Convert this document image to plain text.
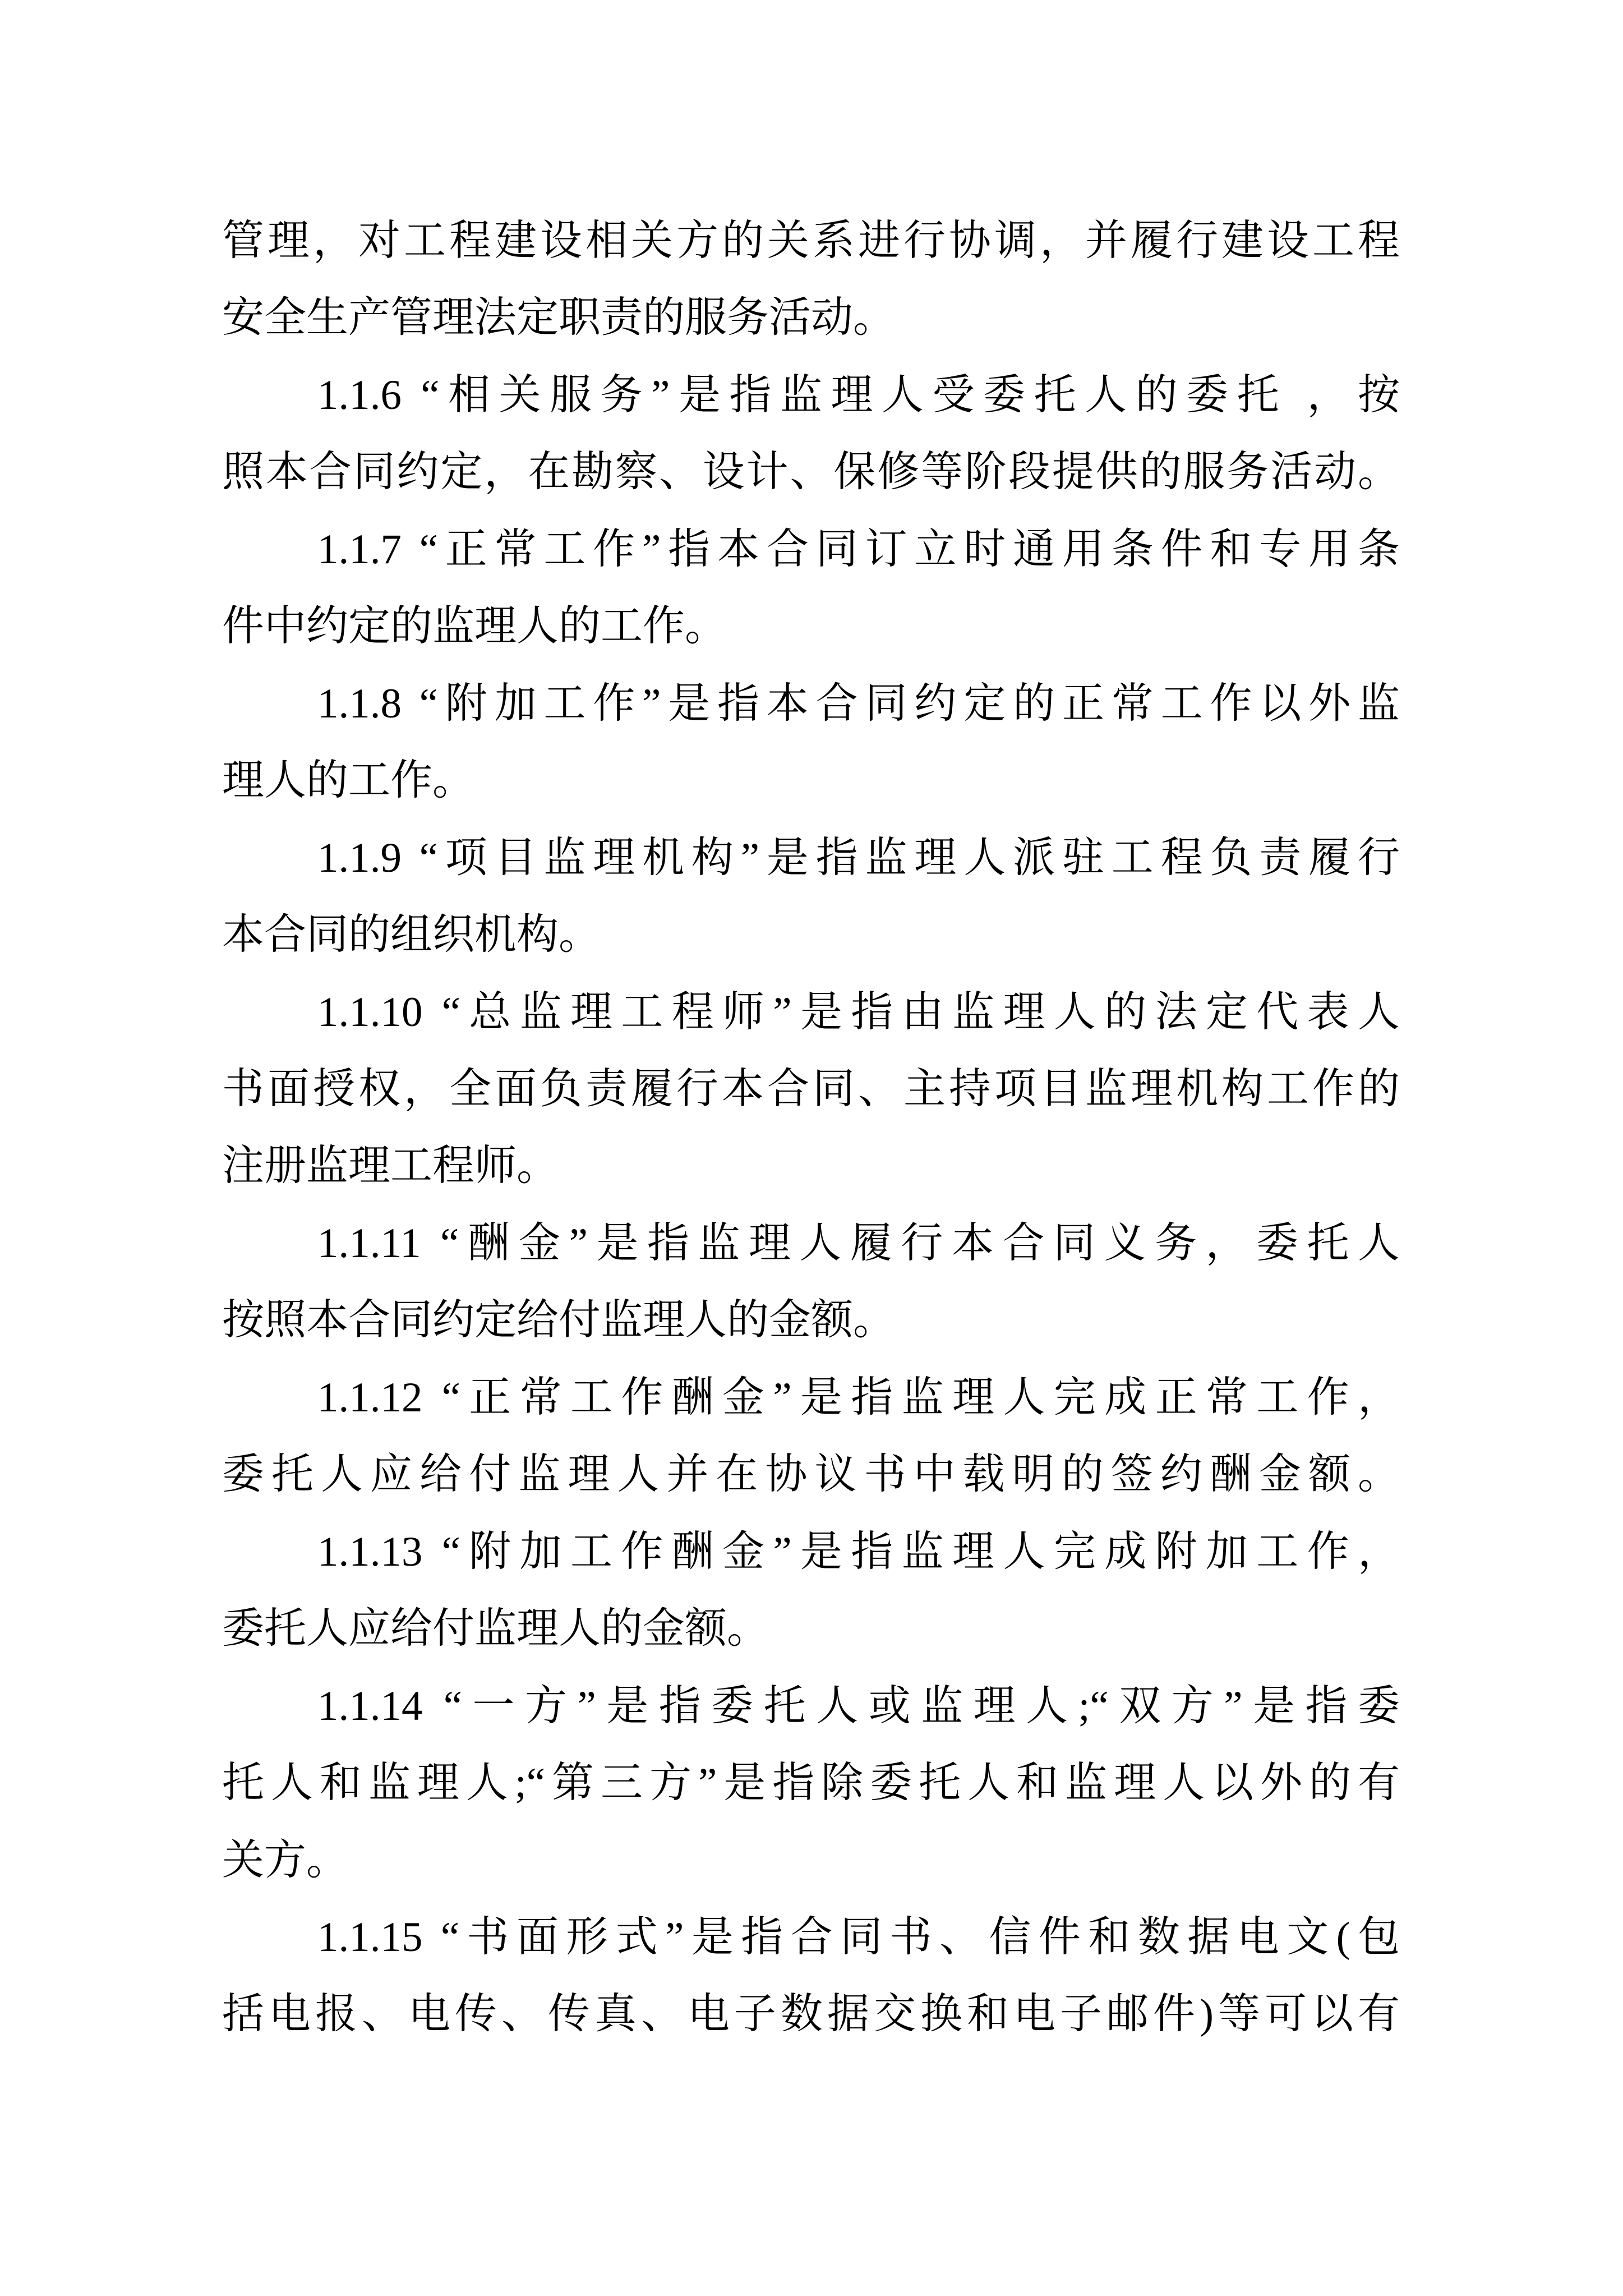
管理，对工程建设相关方的关系进行协调，并履行建设工程
安全生产管理法定职责的服务活动。
1.1.6 “相关服务”是指监理人受委托人的委托 ，按
照本合同约定，在勘察、设计、保修等阶段提供的服务活动。
1.1.7 “正常工作”指本合同订立时通用条件和专用条
件中约定的监理人的工作。
1.1.8 “附加工作”是指本合同约定的正常工作以外监
理人的工作。
1.1.9 “项目监理机构”是指监理人派驻工程负责履行
本合同的组织机构。
1.1.10 “总监理工程师”是指由监理人的法定代表人
书面授权，全面负责履行本合同、主持项目监理机构工作的
注册监理工程师。
1.1.11 “酬金”是指监理人履行本合同义务，委托人
按照本合同约定给付监理人的金额。
1.1.12 “正常工作酬金”是指监理人完成正常工作，
委托人应给付监理人并在协议书中载明的签约酬金额。
1.1.13 “附加工作酬金”是指监理人完成附加工作，
委托人应给付监理人的金额。
1.1.14 “一方”是指委托人或监理人;“双方”是指委
托人和监理人;“第三方”是指除委托人和监理人以外的有
关方。
1.1.15 “书面形式”是指合同书、信件和数据电文(包
括电报、电传、传真、电子数据交换和电子邮件)等可以有
